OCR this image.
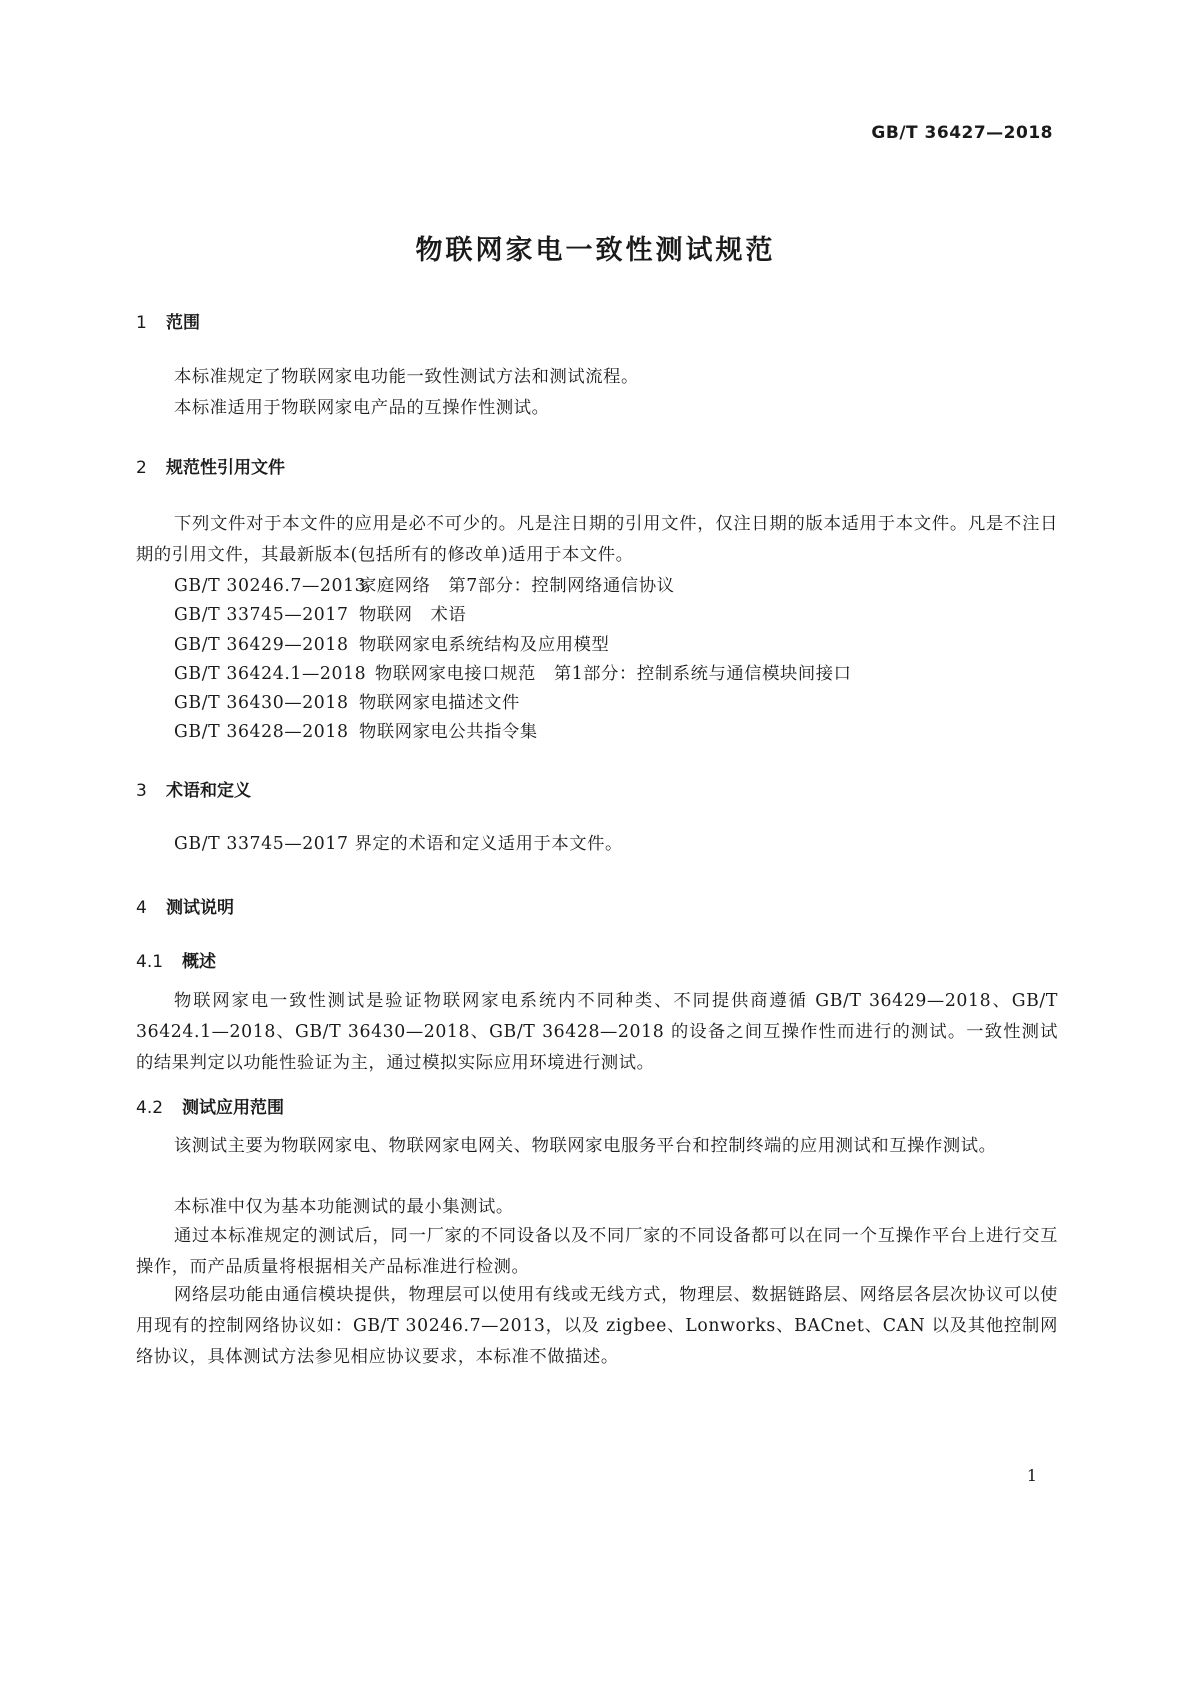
GB/T 36427—2018
物联网家电一致性测试规范
1 范围
本标准规定了物联网家电功能一致性测试方法和测试流程。
本标准适用于物联网家电产品的互操作性测试。
2 规范性引用文件
下列文件对于本文件的应用是必不可少的。凡是注日期的引用文件，仅注日期的版本适用于本文件。凡是不注日期的引用文件，其最新版本(包括所有的修改单)适用于本文件。
GB/T 30246.7—2013家庭网络　第7部分：控制网络通信协议
GB/T 33745—2017 物联网　术语
GB/T 36429—2018 物联网家电系统结构及应用模型
GB/T 36424.1—2018 物联网家电接口规范　第1部分：控制系统与通信模块间接口
GB/T 36430—2018 物联网家电描述文件
GB/T 36428—2018 物联网家电公共指令集
3 术语和定义
GB/T 33745—2017 界定的术语和定义适用于本文件。
4 测试说明
4.1 概述
物联网家电一致性测试是验证物联网家电系统内不同种类、不同提供商遵循 GB/T 36429—2018、GB/T 36424.1—2018、GB/T 36430—2018、GB/T 36428—2018 的设备之间互操作性而进行的测试。一致性测试的结果判定以功能性验证为主，通过模拟实际应用环境进行测试。
4.2 测试应用范围
该测试主要为物联网家电、物联网家电网关、物联网家电服务平台和控制终端的应用测试和互操作测试。
本标准中仅为基本功能测试的最小集测试。
通过本标准规定的测试后，同一厂家的不同设备以及不同厂家的不同设备都可以在同一个互操作平台上进行交互操作，而产品质量将根据相关产品标准进行检测。
网络层功能由通信模块提供，物理层可以使用有线或无线方式，物理层、数据链路层、网络层各层次协议可以使用现有的控制网络协议如：GB/T 30246.7—2013，以及 zigbee、Lonworks、BACnet、CAN 以及其他控制网络协议，具体测试方法参见相应协议要求，本标准不做描述。
1
